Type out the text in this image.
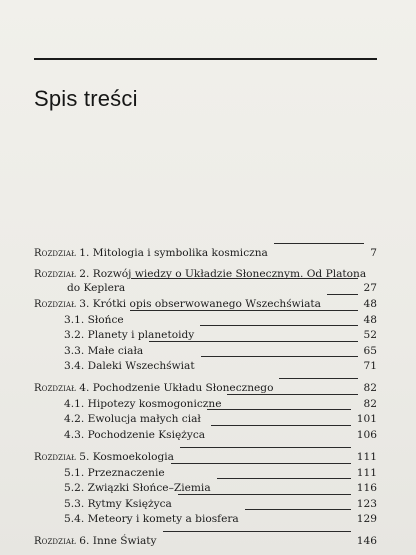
Spis treści
Rozdział 1. Mitologia i symbolika kosmiczna	7
Rozdział 2. Rozwój wiedzy o Układzie Słonecznym. Od Platona
do Keplera	27
Rozdział 3. Krótki opis obserwowanego Wszechświata	48
3.1. Słońce	48
3.2. Planety i planetoidy	52
3.3. Małe ciała	65
3.4. Daleki Wszechświat	71
Rozdział 4. Pochodzenie Układu Słonecznego	82
4.1. Hipotezy kosmogoniczne	82
4.2. Ewolucja małych ciał	101
4.3. Pochodzenie Księżyca	106
Rozdział 5. Kosmoekologia	111
5.1. Przeznaczenie	111
5.2. Związki Słońce–Ziemia	116
5.3. Rytmy Księżyca	123
5.4. Meteory i komety a biosfera	129
Rozdział 6. Inne Światy	146
